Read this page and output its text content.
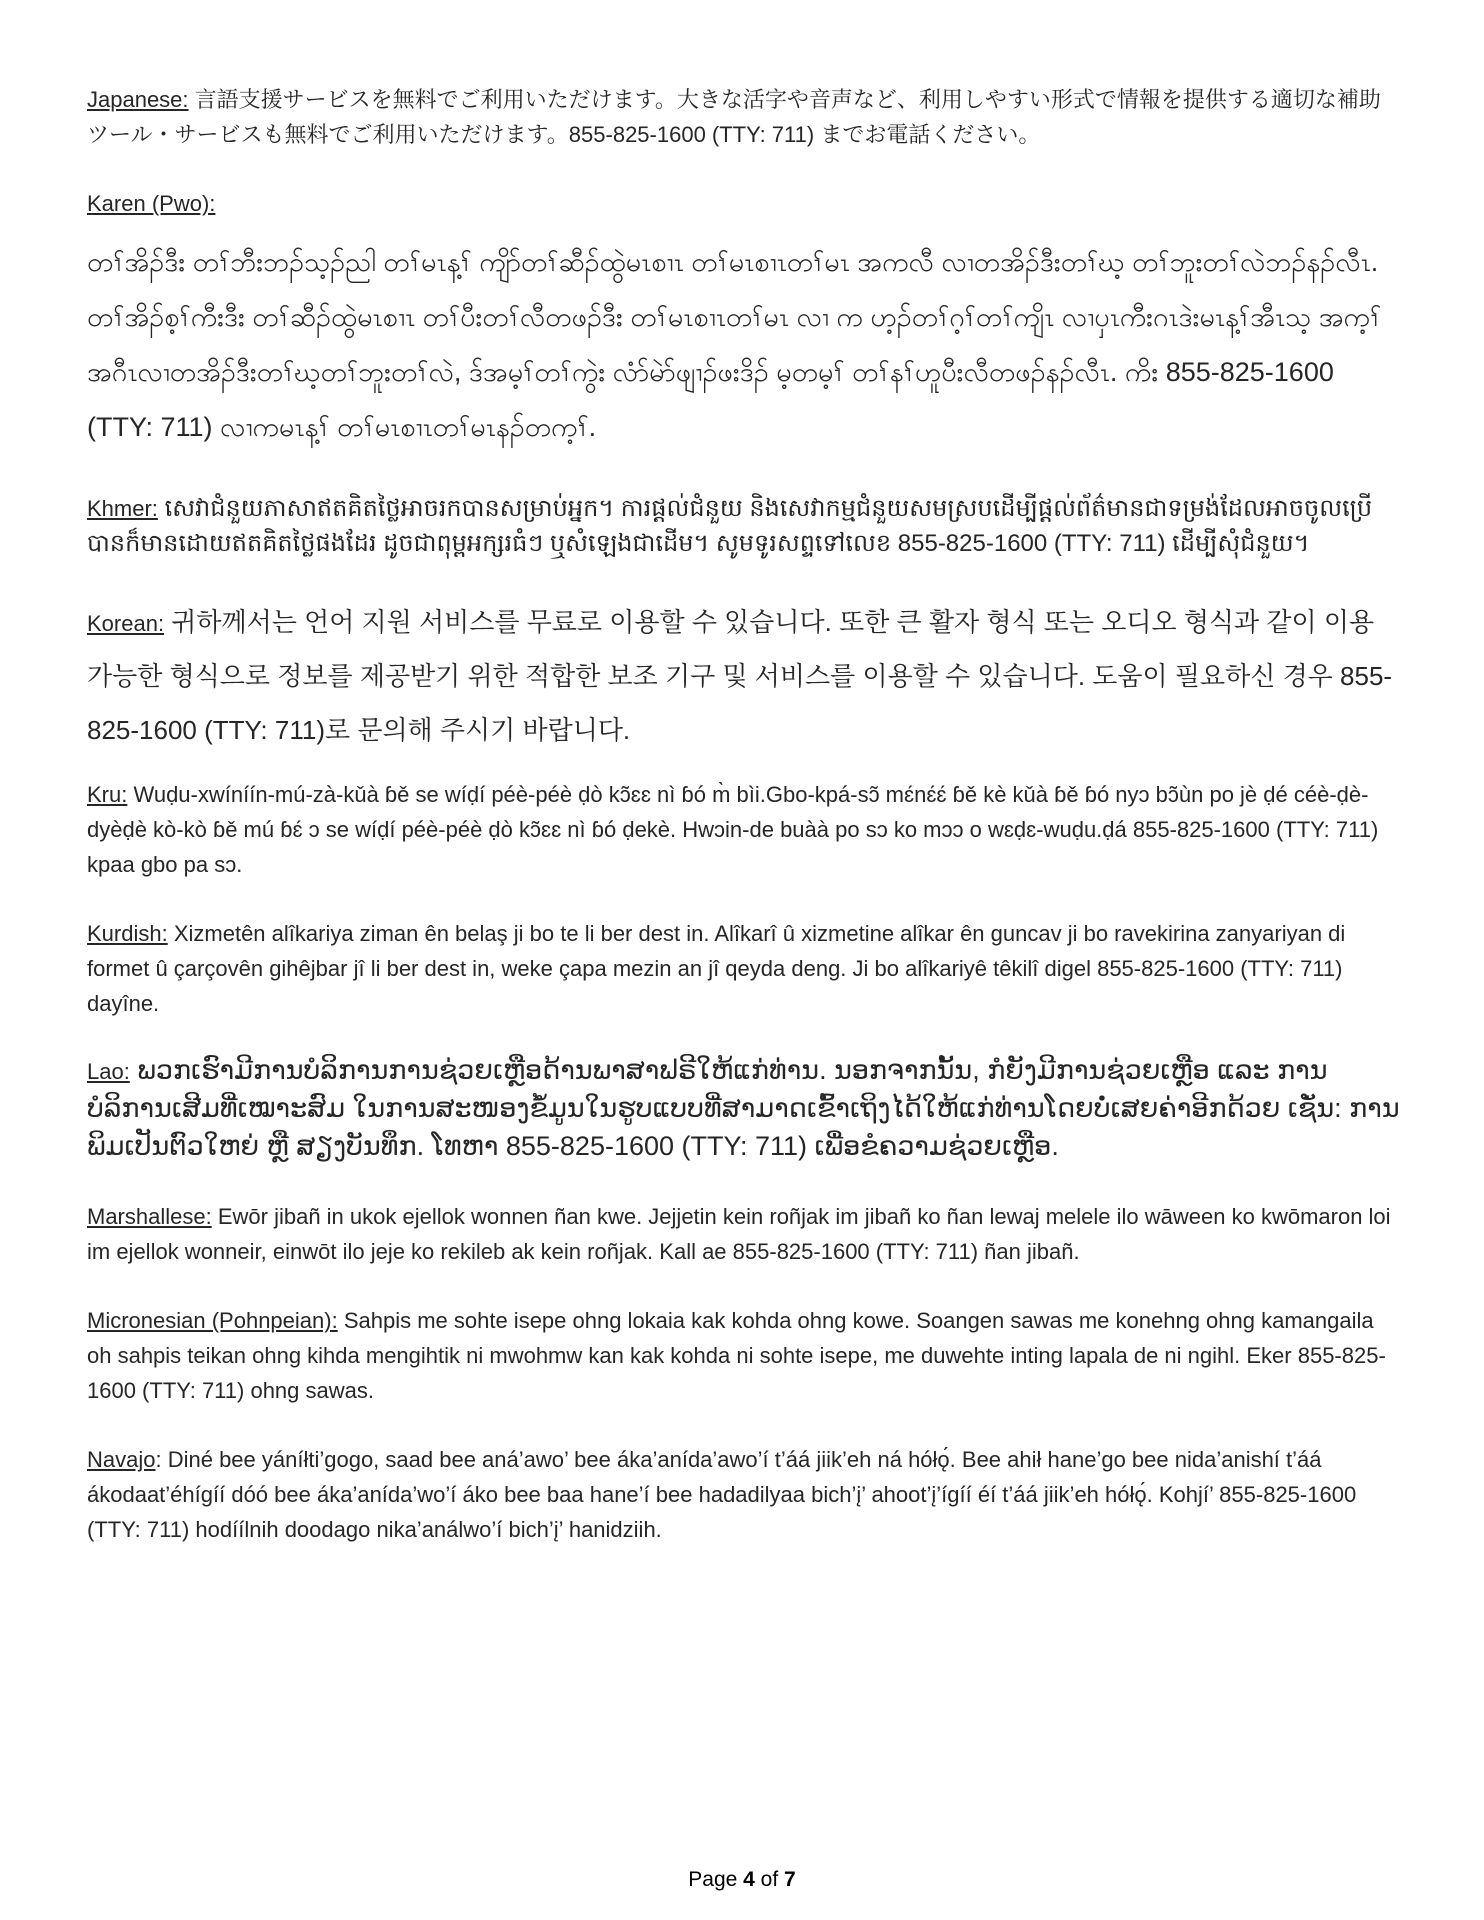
Japanese: 言語支援サービスを無料でご利用いただけます。大きな活字や音声など、利用しやすい形式で情報を提供する適切な補助ツール・サービスも無料でご利用いただけます。855-825-1600 (TTY: 711) までお電話ください。

Karen (Pwo):

တၢ်အိၣ်ဒီး တၢ်ဘီးဘၣ်သ့ၣ်ညါ တၢ်မၤန့ၢ် ကျိာ်တၢ်ဆီၣ်ထွဲမၤစၢၤ တၢ်မၤစၢၤတၢ်မၤ အကလီ လၢတအိၣ်ဒီးတၢ်ဃ့ တၢ်ဘူးတၢ်လဲဘၣ်နၣ်လီၤ. တၢ်အိၣ်စ့ၢ်ကီးဒီး တၢ်ဆီၣ်ထွဲမၤစၢၤ တၢ်ပီးတၢ်လီတဖၣ်ဒီး တၢ်မၤစၢၤတၢ်မၤ လၢ က ဟ့ၣ်တၢ်ဂ့ၢ်တၢ်ကျိၤ လၢပှၤကီးဂၤဒဲးမၤန့ၢ်အီၤသ့ အက့ၢ်အဂီၤလၢတအိၣ်ဒီးတၢ်ဃ့တၢ်ဘူးတၢ်လဲ, ဒ်အမ့ၢ်တၢ်ကွဲး လံာ်မဲာ်ဖျၢၣ်ဖးဒိၣ် မ့တမ့ၢ် တၢ်နၢ်ဟူပီးလီတဖၣ်နၣ်လီၤ. ကိး 855-825-1600 (TTY: 711) လၢကမၤန့ၢ် တၢ်မၤစၢၤတၢ်မၤနၣ်တက့ၢ်.

Khmer: សេវាជំនួយភាសាឥតគិតថ្លៃអាចរកបានសម្រាប់អ្នក។ ការផ្តល់ជំនួយ និងសេវាកម្មជំនួយសមស្របដើម្បីផ្តល់ព័ត៌មានជាទម្រង់ដែលអាចចូលប្រើបានក៏មានដោយឥតគិតថ្លៃផងដែរ ដូចជាពុម្ពអក្សរធំៗ ឬសំឡេងជាដើម។ សូមទូរសព្ទទៅលេខ 855-825-1600 (TTY: 711) ដើម្បីសុំជំនួយ។

Korean: 귀하께서는 언어 지원 서비스를 무료로 이용할 수 있습니다. 또한 큰 활자 형식 또는 오디오 형식과 같이 이용 가능한 형식으로 정보를 제공받기 위한 적합한 보조 기구 및 서비스를 이용할 수 있습니다. 도움이 필요하신 경우 855-825-1600 (TTY: 711)로 문의해 주시기 바랍니다.

Kru: Wuḍu-xwíníín-mú-zà-kǔà ɓě se wíḍí péè-péè ḍò kɔ̃ɛɛ nì ɓó m̀ bìi.Gbo-kpá-sɔ̃ mɛ́nɛ́ɛ́ ɓě kè kǔà ɓě ɓó nyɔ bɔ̃ùn po jè ḍé céè-ḍè-dyèḍè kò-kò ɓě mú ɓɛ́ ɔ se wíḍí péè-péè ḍò kɔ̃ɛɛ nì ɓó ḍekè. Hwɔin-de buàà po sɔ ko mɔɔ o wɛḍɛ-wuḍu.ḍá 855-825-1600 (TTY: 711) kpaa gbo pa sɔ.

Kurdish: Xizmetên alîkariya ziman ên belaş ji bo te li ber dest in. Alîkarî û xizmetine alîkar ên guncav ji bo ravekirina zanyariyan di formet û çarçovên gihêjbar jî li ber dest in, weke çapa mezin an jî qeyda deng. Ji bo alîkariyê têkilî digel 855-825-1600 (TTY: 711) dayîne.

Lao: ພວກເຮົາມີການບໍລິການການຊ່ວຍເຫຼືອດ້ານພາສາຟຣີໃຫ້ແກ່ທ່ານ. ນອກຈາກນັ້ນ, ກໍຍັງມີການຊ່ວຍເຫຼືອ ແລະ ການບໍລິການເສີມທີ່ເໝາະສົມ ໃນການສະໜອງຂໍ້ມູນໃນຮູບແບບທີ່ສາມາດເຂົ້າເຖິງໄດ້ໃຫ້ແກ່ທ່ານໂດຍບໍ່ເສຍຄ່າອີກດ້ວຍ ເຊັ່ນ: ການພິມເປັນຕົວໃຫຍ່ ຫຼື ສຽງບັນທຶກ. ໂທຫາ 855-825-1600 (TTY: 711) ເພື່ອຂໍຄວາມຊ່ວຍເຫຼືອ.

Marshallese: Ewōr jibañ in ukok ejellok wonnen ñan kwe. Jejjetin kein roñjak im jibañ ko ñan lewaj melele ilo wāween ko kwōmaron loi im ejellok wonneir, einwōt ilo jeje ko rekileb ak kein roñjak. Kall ae 855-825-1600 (TTY: 711) ñan jibañ.

Micronesian (Pohnpeian): Sahpis me sohte isepe ohng lokaia kak kohda ohng kowe. Soangen sawas me konehng ohng kamangaila oh sahpis teikan ohng kihda mengihtik ni mwohmw kan kak kohda ni sohte isepe, me duwehte inting lapala de ni ngihl. Eker 855-825-1600 (TTY: 711) ohng sawas.

Navajo: Diné bee yáníłti’gogo, saad bee aná’awo’ bee áka’anída’awo’í t’áá jiik’eh ná hółǫ́. Bee ahił hane’go bee nida’anishí t’áá ákodaat’éhígíí dóó bee áka’anída’wo’í áko bee baa hane’í bee hadadilyaa bich’į’ ahoot’į’ígíí éí t’áá jiik’eh hółǫ́. Kohjí’ 855-825-1600 (TTY: 711) hodíílnih doodago nika’análwo’í bich’į’ hanidziih.

Page 4 of 7
